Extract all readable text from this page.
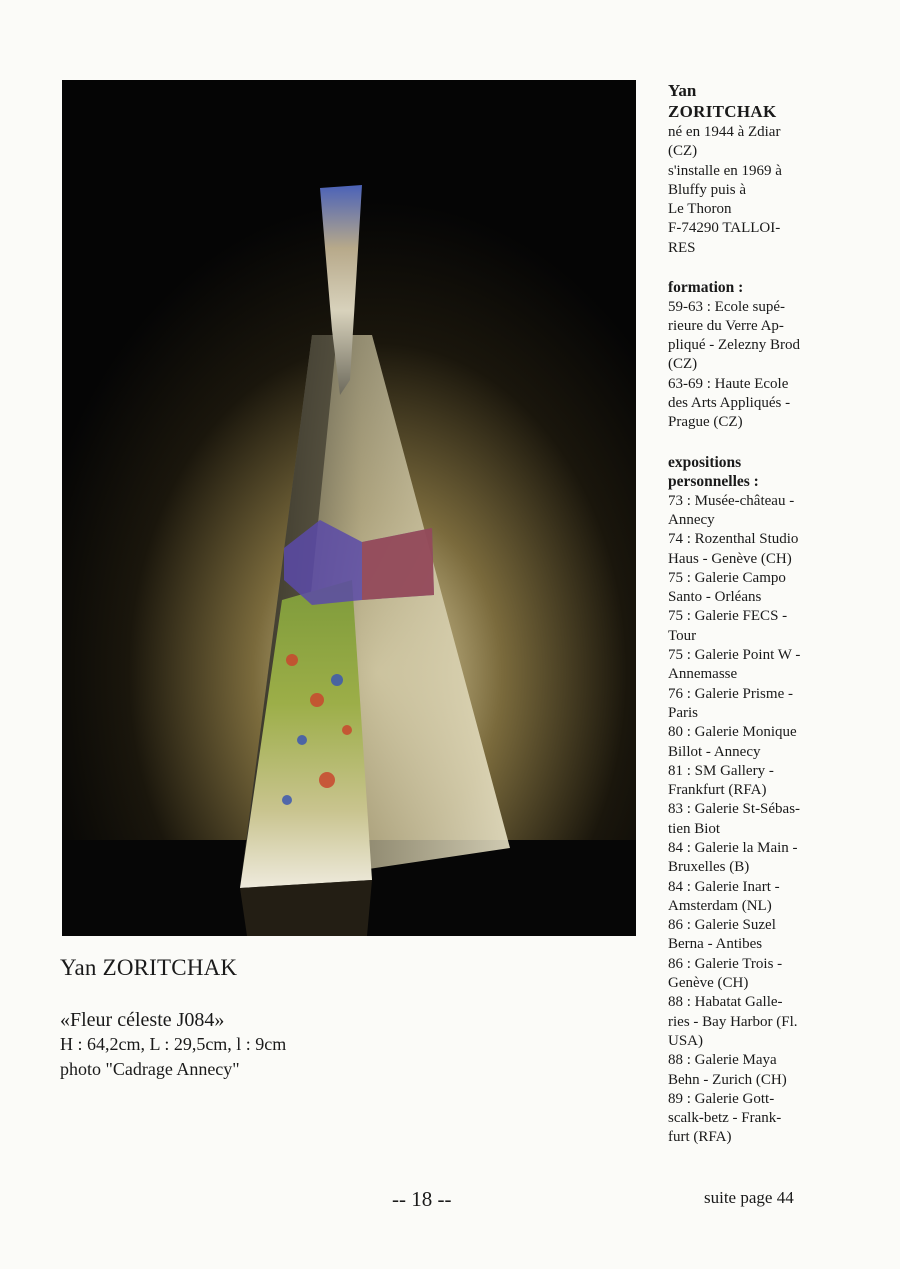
Yan ZORITCHAK

«Fleur céleste J084»

H : 64,2cm, L : 29,5cm, l : 9cm

photo "Cadrage Annecy"

Yan
ZORITCHAK
né en 1944 à Zdiar
(CZ)
s'installe en 1969 à
Bluffy puis à
Le Thoron
F-74290 TALLOI-
RES
formation :
59-63 : Ecole supé-
rieure du Verre Ap-
pliqué - Zelezny Brod
(CZ)
63-69 : Haute Ecole
des Arts Appliqués -
Prague (CZ)
expositions
personnelles :
73 : Musée-château -
Annecy
74 : Rozenthal Studio
Haus - Genève (CH)
75 : Galerie Campo
Santo - Orléans
75 : Galerie FECS -
Tour
75 : Galerie Point W -
Annemasse
76 : Galerie Prisme -
Paris
80 : Galerie Monique
Billot - Annecy
81 : SM Gallery -
Frankfurt (RFA)
83 : Galerie St-Sébas-
tien Biot
84 : Galerie la Main -
Bruxelles (B)
84 : Galerie Inart -
Amsterdam (NL)
86 : Galerie Suzel
Berna - Antibes
86 : Galerie Trois -
Genève (CH)
88 : Habatat Galle-
ries - Bay Harbor (Fl.
USA)
88 : Galerie Maya
Behn - Zurich (CH)
89 : Galerie Gott-
scalk-betz - Frank-
furt (RFA)
-- 18 --	suite page 44
